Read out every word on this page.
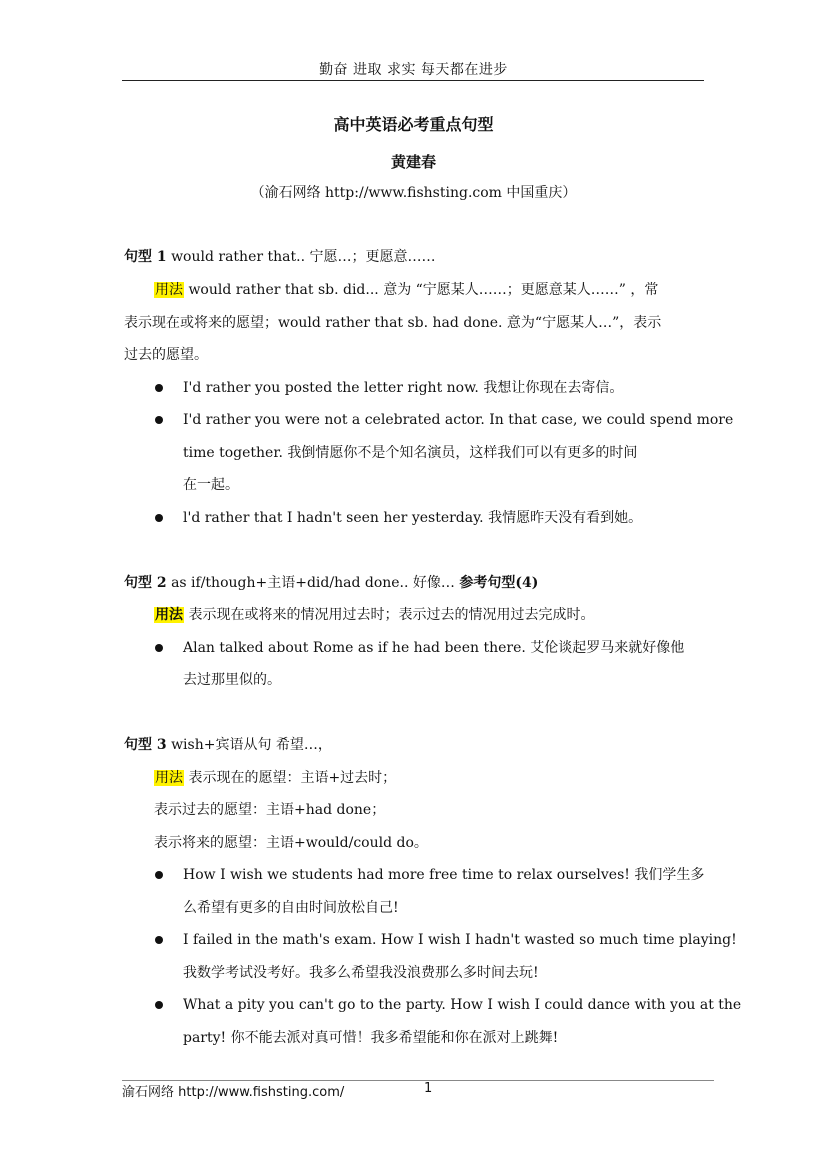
勤奋 进取 求实 每天都在进步
高中英语必考重点句型
黄建春
（渝石网络 http://www.fishsting.com 中国重庆）
句型 1 would rather that.. 宁愿…；更愿意……
用法 would rather that sb. did... 意为 “宁愿某人……；更愿意某人……” ，常
表示现在或将来的愿望；would rather that sb. had done. 意为“宁愿某人…”，表示
过去的愿望。
I'd rather you posted the letter right now. 我想让你现在去寄信。
I'd rather you were not a celebrated actor. In that case, we could spend more
time together. 我倒情愿你不是个知名演员，这样我们可以有更多的时间
在一起。
l'd rather that I hadn't seen her yesterday. 我情愿昨天没有看到她。
句型 2 as if/though+主语+did/had done.. 好像… 参考句型(4)
用法 表示现在或将来的情况用过去时；表示过去的情况用过去完成时。
Alan talked about Rome as if he had been there. 艾伦谈起罗马来就好像他
去过那里似的。
句型 3 wish+宾语从句 希望…，
用法 表示现在的愿望：主语+过去时；
表示过去的愿望：主语+had done；
表示将来的愿望：主语+would/could do。
How I wish we students had more free time to relax ourselves! 我们学生多
么希望有更多的自由时间放松自己!
I failed in the math's exam. How I wish I hadn't wasted so much time playing!
我数学考试没考好。我多么希望我没浪费那么多时间去玩!
What a pity you can't go to the party. How I wish I could dance with you at the
party! 你不能去派对真可惜！我多希望能和你在派对上跳舞!
渝石网络 http://www.fishsting.com/	1
